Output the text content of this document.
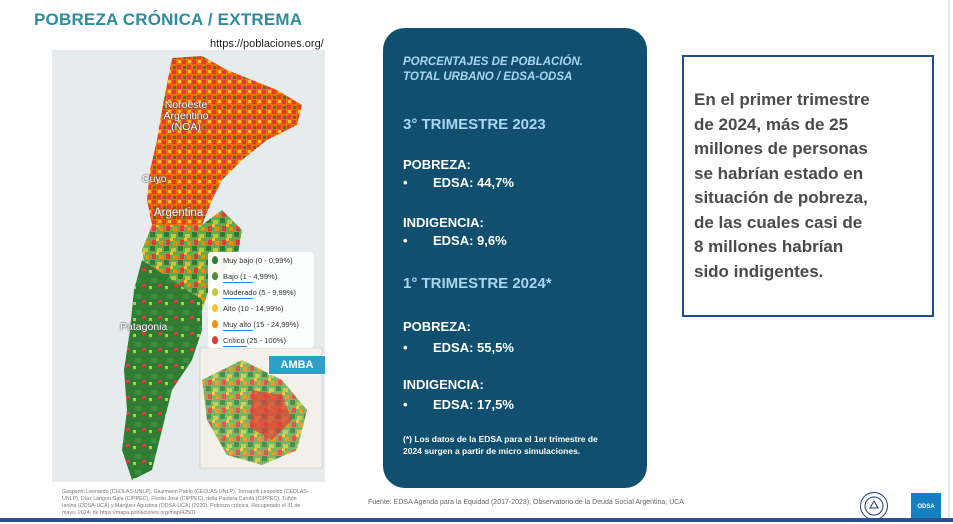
POBREZA CRÓNICA / EXTREMA
https://poblaciones.org/
Noroeste Argentino (NOA)
Cuyo
Argentina
Patagonia
Muy bajo (0 - 0,99%)
Bajo (1 - 4,99%)
Moderado (5 - 9,99%)
Alto (10 - 14,99%)
Muy alto (15 - 24,99%)
Crítico (25 - 100%)
AMBA
Gasparini Leonardo (CEDLAS-UNLP), Gluzmann Pablo (CEDLAS-UNLP), Tornarolli Leopoldo (CEDLAS-UNLP), Díaz Langou Gala (CIPPEC), Florito José (CIPPEC), della Paolera Carola (CIPPEC), Tuñón Ianina (ODSA-UCA) y Márquez Agustina (ODSA-UCA) (2020). Pobreza crónica. Recuperado el 31 de mayo, 2024, de https://mapa.poblaciones.org/map/42501
PORCENTAJES DE POBLACIÓN.
TOTAL URBANO / EDSA-ODSA
3° TRIMESTRE 2023
POBREZA:
• EDSA: 44,7%
INDIGENCIA:
• EDSA: 9,6%
1° TRIMESTRE 2024*
POBREZA:
• EDSA: 55,5%
INDIGENCIA:
• EDSA: 17,5%
(*) Los datos de la EDSA para el 1er trimestre de
2024 surgen a partir de micro simulaciones.
En el primer trimestre
de 2024, más de 25
millones de personas
se habrían estado en
situación de pobreza,
de las cuales casi de
8 millones habrían
sido indigentes.
Fuente: EDSA Agenda para la Equidad (2017-2023), Observatorio de la Deuda Social Argentina, UCA.
ODSA
